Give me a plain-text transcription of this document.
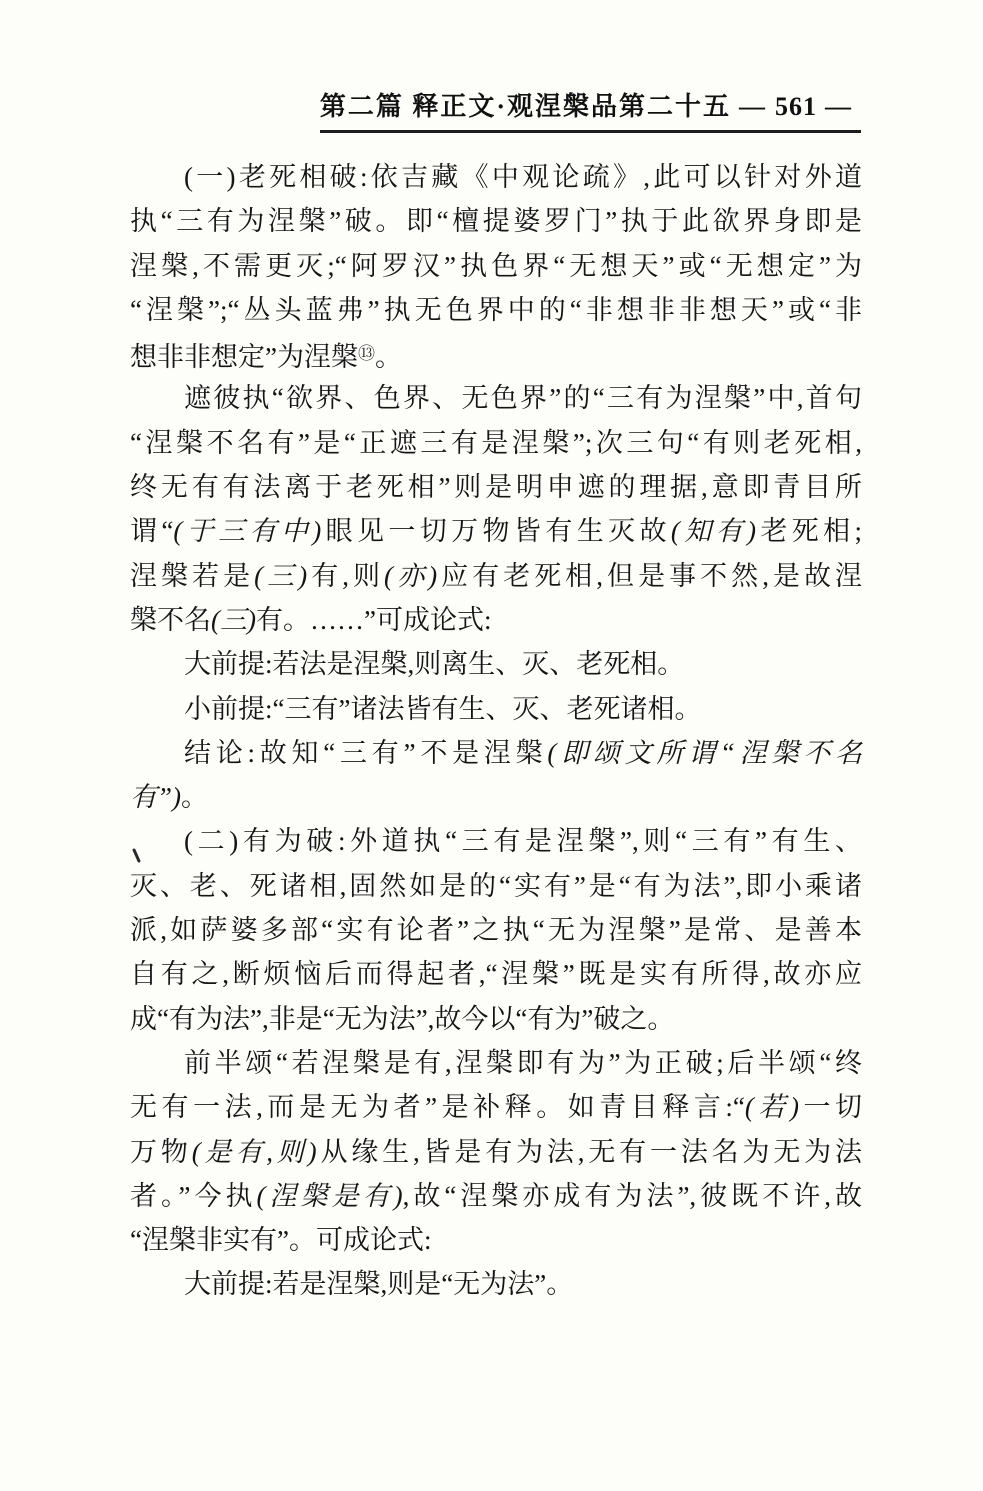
第二篇 释正文·观涅槃品第二十五 — 561 —
(一)老死相破:依吉藏《中观论疏》,此可以针对外道
执“三有为涅槃”破。即“檀提婆罗门”执于此欲界身即是
涅槃,不需更灭;“阿罗汉”执色界“无想天”或“无想定”为
“涅槃”;“丛头蓝弗”执无色界中的“非想非非想天”或“非
想非非想定”为涅槃⑬。
遮彼执“欲界、色界、无色界”的“三有为涅槃”中,首句
“涅槃不名有”是“正遮三有是涅槃”;次三句“有则老死相,
终无有有法离于老死相”则是明申遮的理据,意即青目所
谓“(于三有中)眼见一切万物皆有生灭故(知有)老死相;
涅槃若是(三)有,则(亦)应有老死相,但是事不然,是故涅
槃不名(三)有。……”可成论式:
大前提:若法是涅槃,则离生、灭、老死相。
小前提:“三有”诸法皆有生、灭、老死诸相。
结论:故知“三有”不是涅槃(即颂文所谓“涅槃不名
有”)。
(二)有为破:外道执“三有是涅槃”,则“三有”有生、
灭、老、死诸相,固然如是的“实有”是“有为法”,即小乘诸
派,如萨婆多部“实有论者”之执“无为涅槃”是常、是善本
自有之,断烦恼后而得起者,“涅槃”既是实有所得,故亦应
成“有为法”,非是“无为法”,故今以“有为”破之。
前半颂“若涅槃是有,涅槃即有为”为正破;后半颂“终
无有一法,而是无为者”是补释。如青目释言:“(若)一切
万物(是有,则)从缘生,皆是有为法,无有一法名为无为法
者。”今执(涅槃是有),故“涅槃亦成有为法”,彼既不许,故
“涅槃非实有”。可成论式:
大前提:若是涅槃,则是“无为法”。
